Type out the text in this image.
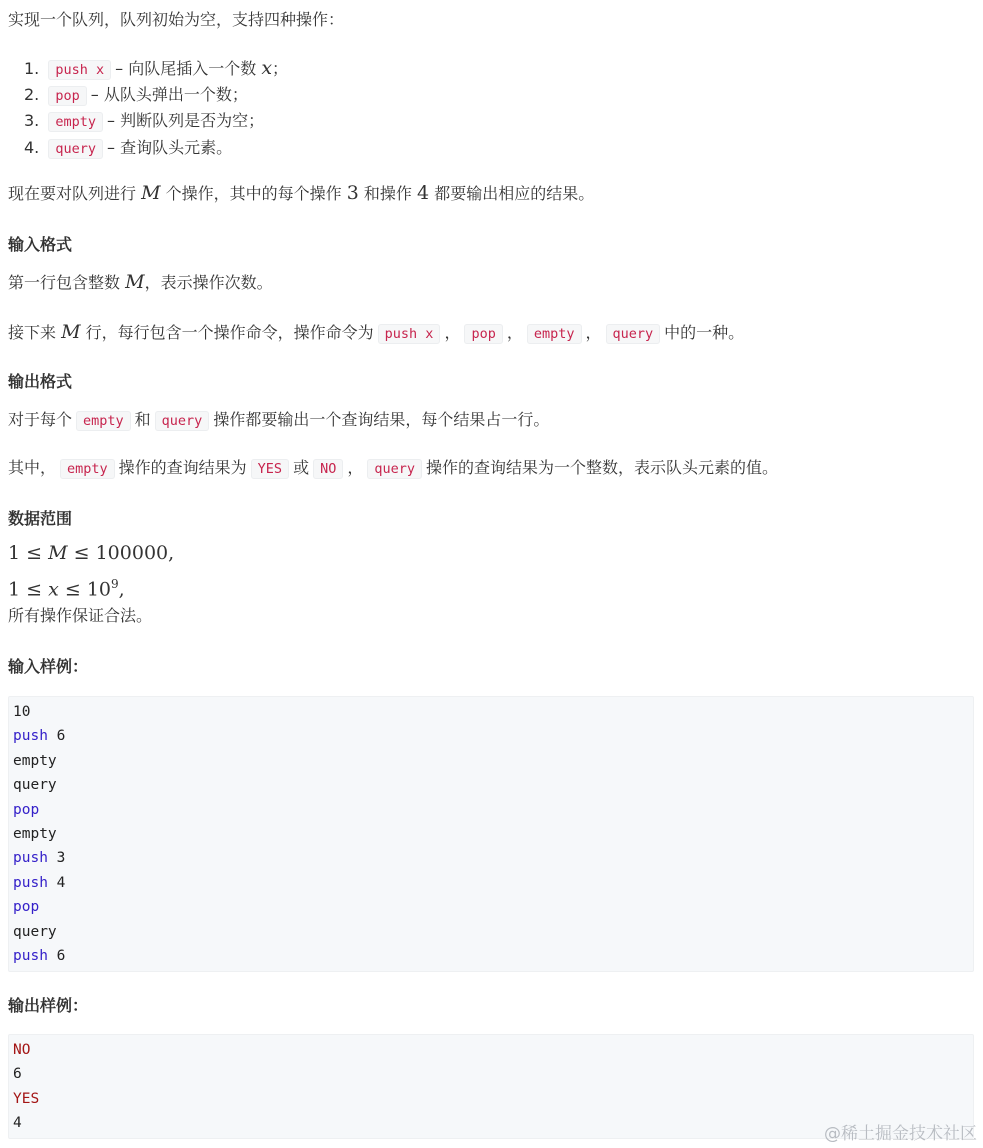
实现一个队列，队列初始为空，支持四种操作：
1. push x – 向队尾插入一个数 x；
2. pop – 从队头弹出一个数；
3. empty – 判断队列是否为空；
4. query – 查询队头元素。
现在要对队列进行 M 个操作，其中的每个操作 3 和操作 4 都要输出相应的结果。
输入格式
第一行包含整数 M，表示操作次数。
接下来 M 行，每行包含一个操作命令，操作命令为 push x ， pop ， empty ， query 中的一种。
输出格式
对于每个 empty 和 query 操作都要输出一个查询结果，每个结果占一行。
其中， empty 操作的查询结果为 YES 或 NO ， query 操作的查询结果为一个整数，表示队头元素的值。
数据范围
1 ≤ M ≤ 100000,
$1 \le x \le 10^9$,
所有操作保证合法。
输入样例：
10
push 6
empty
query
pop
empty
push 3
push 4
pop
query
push 6
输出样例：
NO
6
YES
4
@稀土掘金技术社区
